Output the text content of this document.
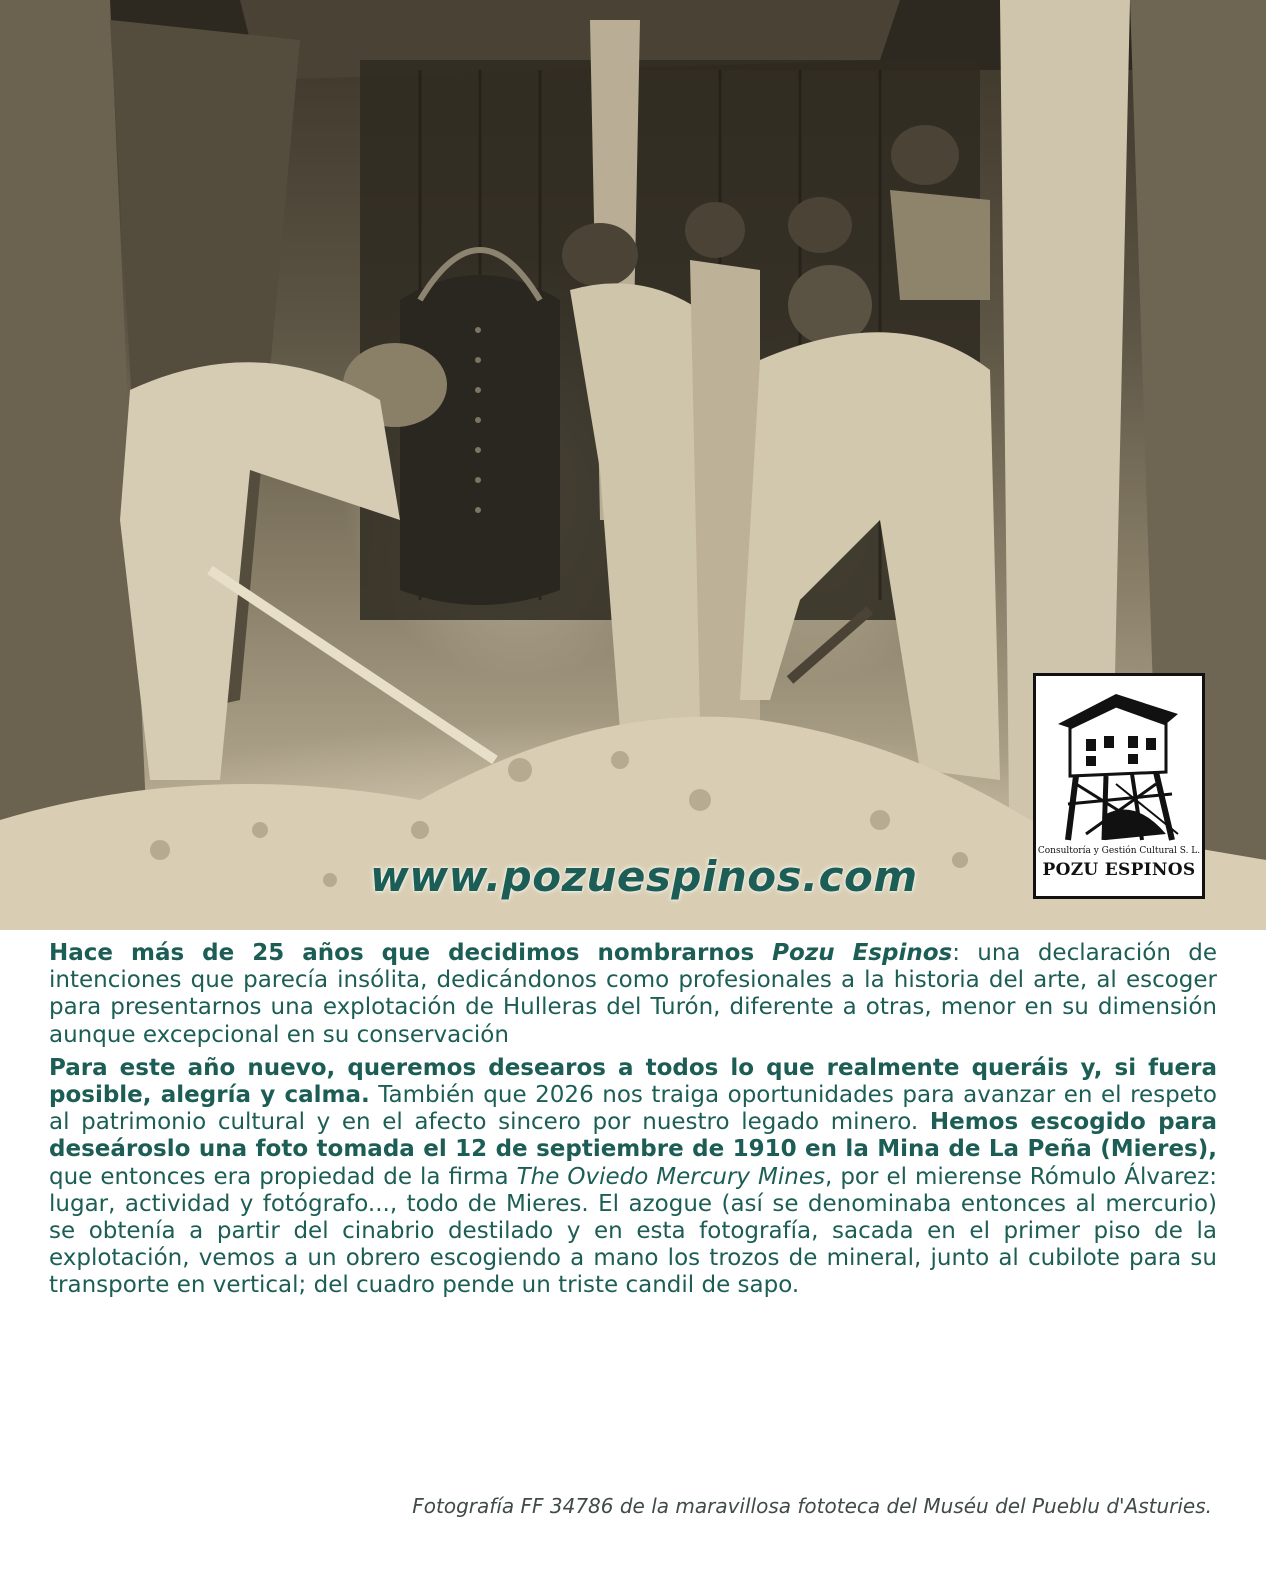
www.pozuespinos.com
Consultoría y Gestión Cultural S. L.
POZU ESPINOS

Hace más de 25 años que decidimos nombrarnos Pozu Espinos: una declaración de intenciones que parecía insólita, dedicándonos como profesionales a la historia del arte, al escoger para presentarnos una explotación de Hulleras del Turón, diferente a otras, menor en su dimensión aunque excepcional en su conservación

Para este año nuevo, queremos desearos a todos lo que realmente queráis y, si fuera posible, alegría y calma. También que 2026 nos traiga oportunidades para avanzar en el respeto al patrimonio cultural y en el afecto sincero por nuestro legado minero. Hemos escogido para deseároslo una foto tomada el 12 de septiembre de 1910 en la Mina de La Peña (Mieres), que entonces era propiedad de la firma The Oviedo Mercury Mines, por el mierense Rómulo Álvarez: lugar, actividad y fotógrafo..., todo de Mieres. El azogue (así se denominaba entonces al mercurio) se obtenía a partir del cinabrio destilado y en esta fotografía, sacada en el primer piso de la explotación, vemos a un obrero escogiendo a mano los trozos de mineral, junto al cubilote para su transporte en vertical; del cuadro pende un triste candil de sapo.

Fotografía FF 34786 de la maravillosa fototeca del Muséu del Pueblu d'Asturies.
